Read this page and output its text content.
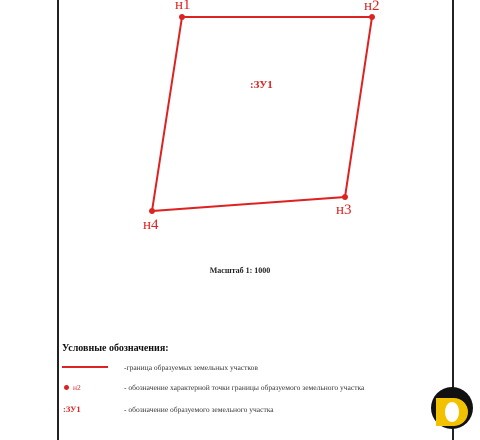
н1	н2
н3
н4
:ЗУ1
Масштаб 1: 1000
Условные обозначения:
-граница образуемых земельных участков
н2	- обозначение характерной точки границы образуемого земельного участка
:ЗУ1	- обозначение образуемого земельного участка
